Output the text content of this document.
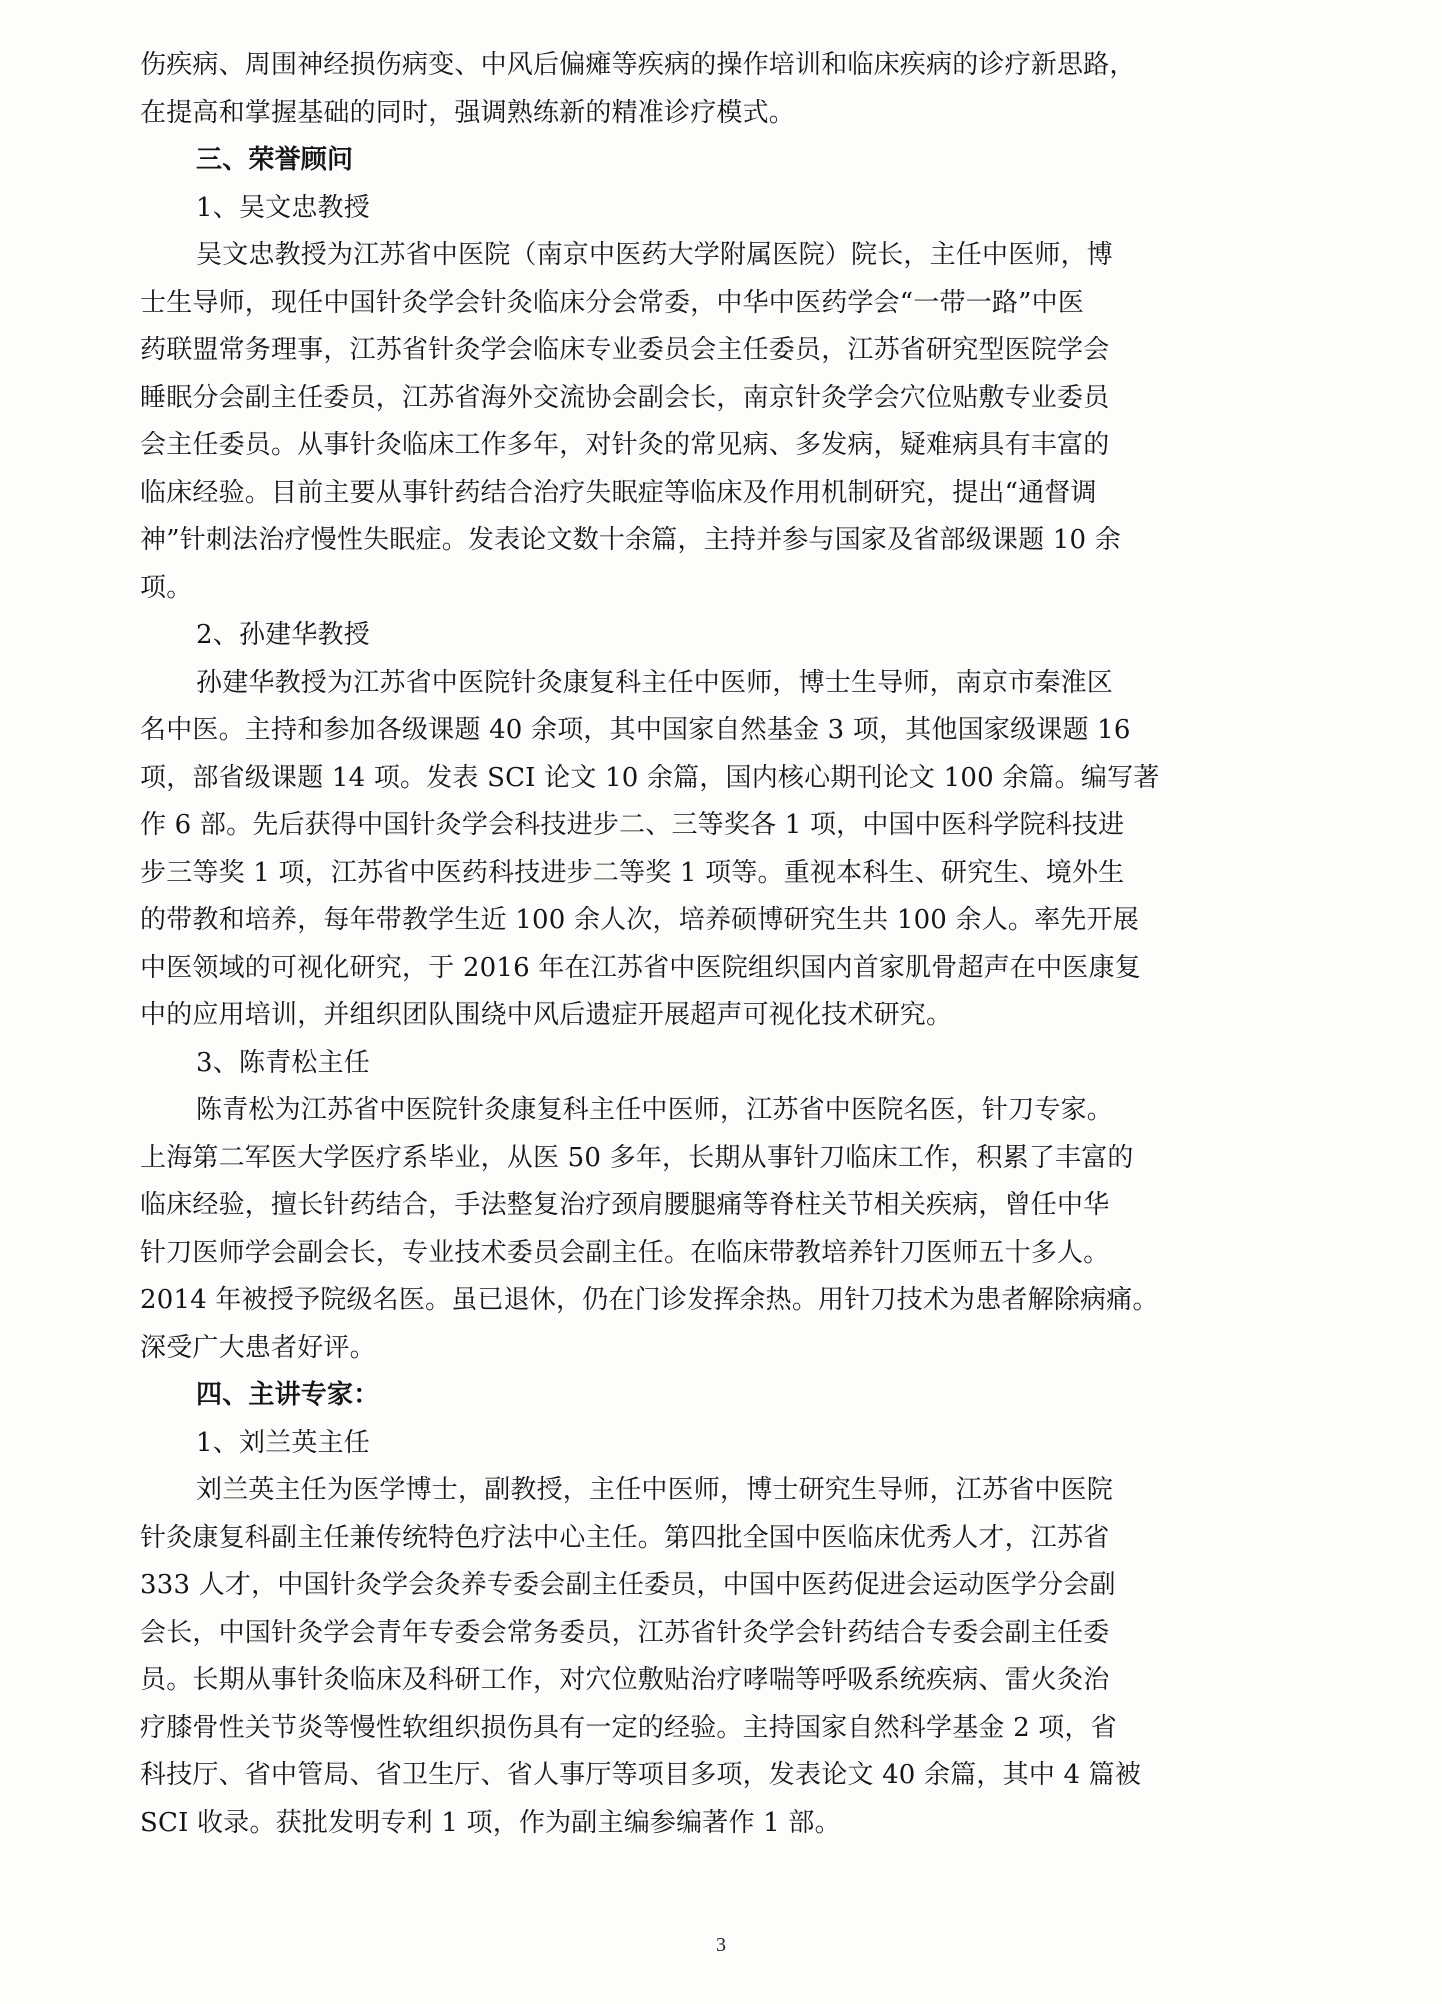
伤疾病、周围神经损伤病变、中风后偏瘫等疾病的操作培训和临床疾病的诊疗新思路，
在提高和掌握基础的同时，强调熟练新的精准诊疗模式。
三、荣誉顾问
1、吴文忠教授
吴文忠教授为江苏省中医院（南京中医药大学附属医院）院长，主任中医师，博
士生导师，现任中国针灸学会针灸临床分会常委，中华中医药学会“一带一路”中医
药联盟常务理事，江苏省针灸学会临床专业委员会主任委员，江苏省研究型医院学会
睡眠分会副主任委员，江苏省海外交流协会副会长，南京针灸学会穴位贴敷专业委员
会主任委员。从事针灸临床工作多年，对针灸的常见病、多发病，疑难病具有丰富的
临床经验。目前主要从事针药结合治疗失眠症等临床及作用机制研究，提出“通督调
神”针刺法治疗慢性失眠症。发表论文数十余篇，主持并参与国家及省部级课题 10 余
项。
2、孙建华教授
孙建华教授为江苏省中医院针灸康复科主任中医师，博士生导师，南京市秦淮区
名中医。主持和参加各级课题 40 余项，其中国家自然基金 3 项，其他国家级课题 16
项，部省级课题 14 项。发表 SCI 论文 10 余篇，国内核心期刊论文 100 余篇。编写著
作 6 部。先后获得中国针灸学会科技进步二、三等奖各 1 项，中国中医科学院科技进
步三等奖 1 项，江苏省中医药科技进步二等奖 1 项等。重视本科生、研究生、境外生
的带教和培养，每年带教学生近 100 余人次，培养硕博研究生共 100 余人。率先开展
中医领域的可视化研究，于 2016 年在江苏省中医院组织国内首家肌骨超声在中医康复
中的应用培训，并组织团队围绕中风后遗症开展超声可视化技术研究。
3、陈青松主任
陈青松为江苏省中医院针灸康复科主任中医师，江苏省中医院名医，针刀专家。
上海第二军医大学医疗系毕业，从医 50 多年，长期从事针刀临床工作，积累了丰富的
临床经验，擅长针药结合，手法整复治疗颈肩腰腿痛等脊柱关节相关疾病，曾任中华
针刀医师学会副会长，专业技术委员会副主任。在临床带教培养针刀医师五十多人。
2014 年被授予院级名医。虽已退休，仍在门诊发挥余热。用针刀技术为患者解除病痛。
深受广大患者好评。
四、主讲专家：
1、刘兰英主任
刘兰英主任为医学博士，副教授，主任中医师，博士研究生导师，江苏省中医院
针灸康复科副主任兼传统特色疗法中心主任。第四批全国中医临床优秀人才，江苏省
333 人才，中国针灸学会灸养专委会副主任委员，中国中医药促进会运动医学分会副
会长，中国针灸学会青年专委会常务委员，江苏省针灸学会针药结合专委会副主任委
员。长期从事针灸临床及科研工作，对穴位敷贴治疗哮喘等呼吸系统疾病、雷火灸治
疗膝骨性关节炎等慢性软组织损伤具有一定的经验。主持国家自然科学基金 2 项，省
科技厅、省中管局、省卫生厅、省人事厅等项目多项，发表论文 40 余篇，其中 4 篇被
SCI 收录。获批发明专利 1 项，作为副主编参编著作 1 部。
3
